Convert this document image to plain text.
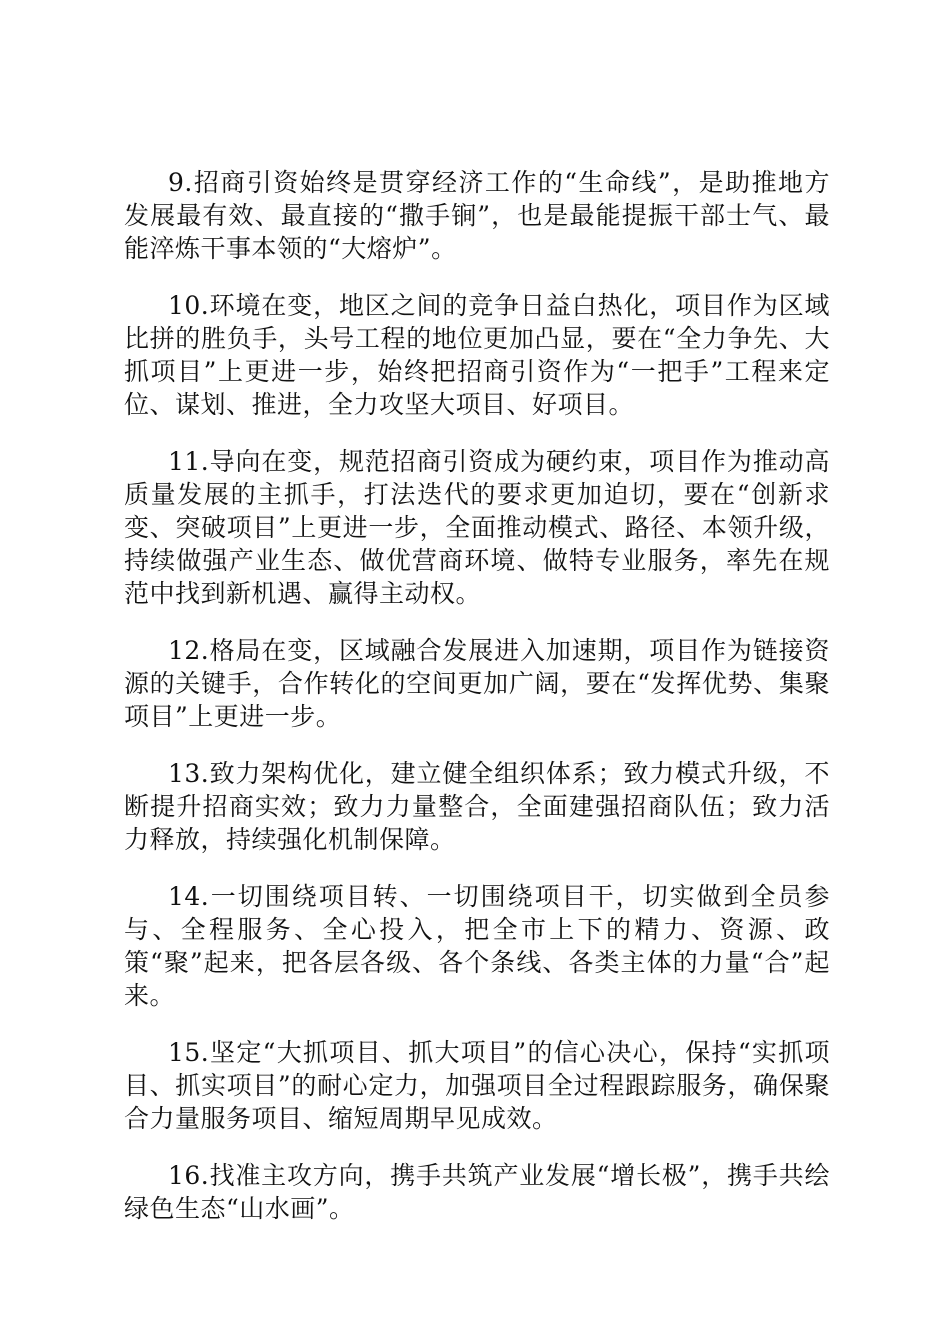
9.招商引资始终是贯穿经济工作的“生命线”，是助推地方发展最有效、最直接的“撒手锏”，也是最能提振干部士气、最能淬炼干事本领的“大熔炉”。

10.环境在变，地区之间的竞争日益白热化，项目作为区域比拼的胜负手，头号工程的地位更加凸显，要在“全力争先、大抓项目”上更进一步，始终把招商引资作为“一把手”工程来定位、谋划、推进，全力攻坚大项目、好项目。

11.导向在变，规范招商引资成为硬约束，项目作为推动高质量发展的主抓手，打法迭代的要求更加迫切，要在“创新求变、突破项目”上更进一步，全面推动模式、路径、本领升级，持续做强产业生态、做优营商环境、做特专业服务，率先在规范中找到新机遇、赢得主动权。

12.格局在变，区域融合发展进入加速期，项目作为链接资源的关键手，合作转化的空间更加广阔，要在“发挥优势、集聚项目”上更进一步。

13.致力架构优化，建立健全组织体系；致力模式升级，不断提升招商实效；致力力量整合，全面建强招商队伍；致力活力释放，持续强化机制保障。

14.一切围绕项目转、一切围绕项目干，切实做到全员参与、全程服务、全心投入，把全市上下的精力、资源、政策“聚”起来，把各层各级、各个条线、各类主体的力量“合”起来。

15.坚定“大抓项目、抓大项目”的信心决心，保持“实抓项目、抓实项目”的耐心定力，加强项目全过程跟踪服务，确保聚合力量服务项目、缩短周期早见成效。

16.找准主攻方向，携手共筑产业发展“增长极”，携手共绘绿色生态“山水画”。
